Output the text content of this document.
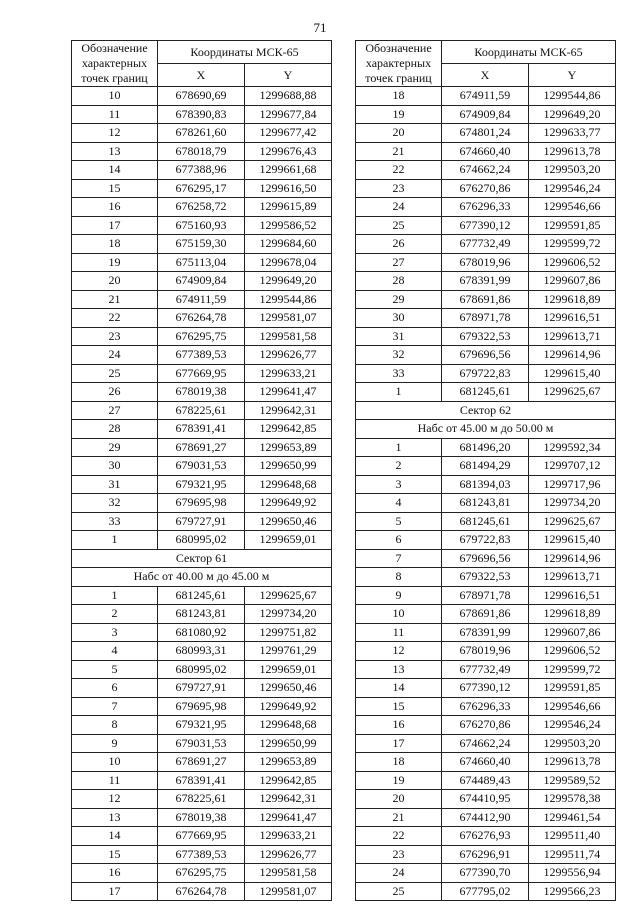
71
Обозначение характерных точек границ	Координаты МСК-65	
	X	Y
10	678690,69	1299688,88
11	678390,83	1299677,84
12	678261,60	1299677,42
13	678018,79	1299676,43
14	677388,96	1299661,68
15	676295,17	1299616,50
16	676258,72	1299615,89
17	675160,93	1299586,52
18	675159,30	1299684,60
19	675113,04	1299678,04
20	674909,84	1299649,20
21	674911,59	1299544,86
22	676264,78	1299581,07
23	676295,75	1299581,58
24	677389,53	1299626,77
25	677669,95	1299633,21
26	678019,38	1299641,47
27	678225,61	1299642,31
28	678391,41	1299642,85
29	678691,27	1299653,89
30	679031,53	1299650,99
31	679321,95	1299648,68
32	679695,98	1299649,92
33	679727,91	1299650,46
1	680995,02	1299659,01
Сектор 61		
Набс от 40.00 м до 45.00 м		
1	681245,61	1299625,67
2	681243,81	1299734,20
3	681080,92	1299751,82
4	680993,31	1299761,29
5	680995,02	1299659,01
6	679727,91	1299650,46
7	679695,98	1299649,92
8	679321,95	1299648,68
9	679031,53	1299650,99
10	678691,27	1299653,89
11	678391,41	1299642,85
12	678225,61	1299642,31
13	678019,38	1299641,47
14	677669,95	1299633,21
15	677389,53	1299626,77
16	676295,75	1299581,58
17	676264,78	1299581,07
Обозначение характерных точек границ	Координаты МСК-65	
	X	Y
18	674911,59	1299544,86
19	674909,84	1299649,20
20	674801,24	1299633,77
21	674660,40	1299613,78
22	674662,24	1299503,20
23	676270,86	1299546,24
24	676296,33	1299546,66
25	677390,12	1299591,85
26	677732,49	1299599,72
27	678019,96	1299606,52
28	678391,99	1299607,86
29	678691,86	1299618,89
30	678971,78	1299616,51
31	679322,53	1299613,71
32	679696,56	1299614,96
33	679722,83	1299615,40
1	681245,61	1299625,67
Сектор 62		
Набс от 45.00 м до 50.00 м		
1	681496,20	1299592,34
2	681494,29	1299707,12
3	681394,03	1299717,96
4	681243,81	1299734,20
5	681245,61	1299625,67
6	679722,83	1299615,40
7	679696,56	1299614,96
8	679322,53	1299613,71
9	678971,78	1299616,51
10	678691,86	1299618,89
11	678391,99	1299607,86
12	678019,96	1299606,52
13	677732,49	1299599,72
14	677390,12	1299591,85
15	676296,33	1299546,66
16	676270,86	1299546,24
17	674662,24	1299503,20
18	674660,40	1299613,78
19	674489,43	1299589,52
20	674410,95	1299578,38
21	674412,90	1299461,54
22	676276,93	1299511,40
23	676296,91	1299511,74
24	677390,70	1299556,94
25	677795,02	1299566,23
